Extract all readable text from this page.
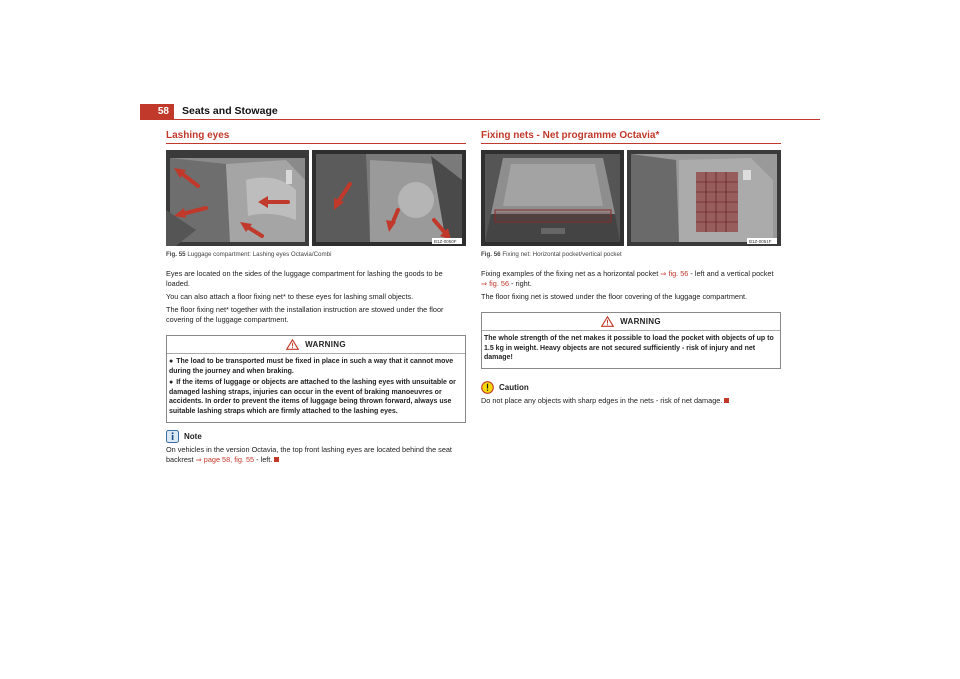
58	Seats and Stowage
Lashing eyes
B1Z-0050F
Fig. 55 Luggage compartment: Lashing eyes Octavia/Combi

Eyes are located on the sides of the luggage compartment for lashing the goods to be loaded.

You can also attach a floor fixing net* to these eyes for lashing small objects.

The floor fixing net* together with the installation instruction are stowed under the floor covering of the luggage compartment.

WARNING
● The load to be transported must be fixed in place in such a way that it cannot move during the journey and when braking.
● If the items of luggage or objects are attached to the lashing eyes with unsuitable or damaged lashing straps, injuries can occur in the event of braking manoeuvres or accidents. In order to prevent the items of luggage being thrown forward, always use suitable lashing straps which are firmly attached to the lashing eyes.
Note

On vehicles in the version Octavia, the top front lashing eyes are located behind the seat backrest ⇒ page 58, fig. 55 - left.

Fixing nets - Net programme Octavia*
B1Z-0051F
Fig. 56 Fixing net: Horizontal pocket/vertical pocket

Fixing examples of the fixing net as a horizontal pocket ⇒ fig. 56 - left and a vertical pocket ⇒ fig. 56 - right.

The floor fixing net is stowed under the floor covering of the luggage compartment.

WARNING
The whole strength of the net makes it possible to load the pocket with objects of up to 1.5 kg in weight. Heavy objects are not secured sufficiently - risk of injury and net damage!
Caution

Do not place any objects with sharp edges in the nets - risk of net damage.
